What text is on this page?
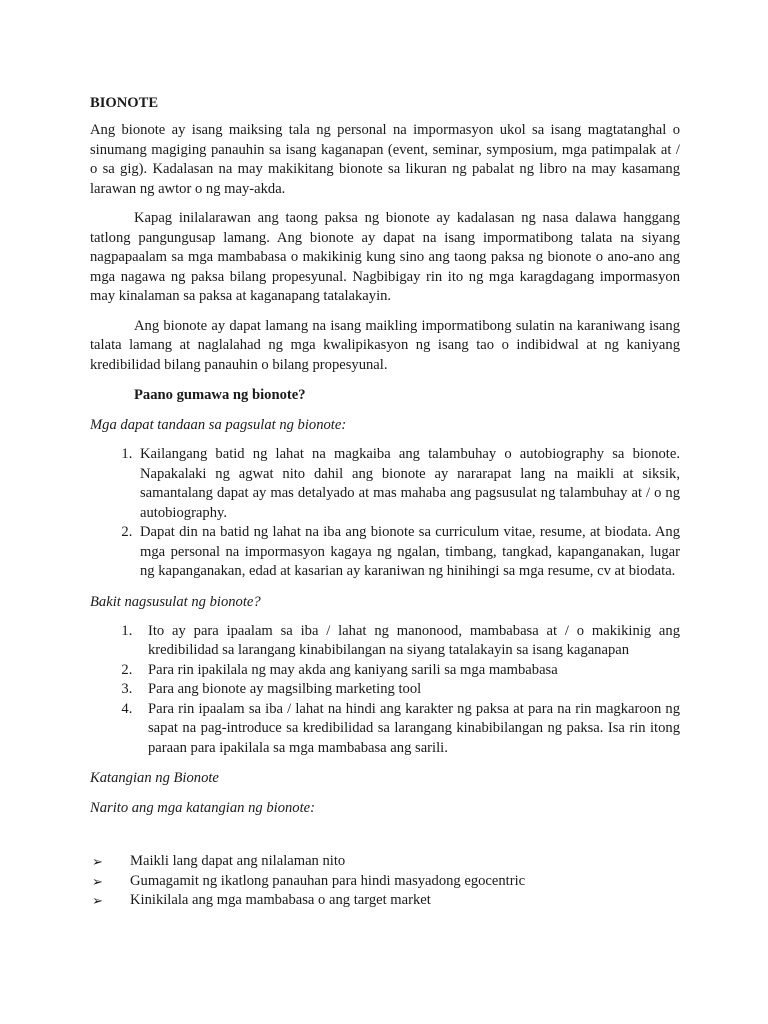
BIONOTE

Ang bionote ay isang maiksing tala ng personal na impormasyon ukol sa isang magtatanghal o sinumang magiging panauhin sa isang kaganapan (event, seminar, symposium, mga patimpalak at / o sa gig). Kadalasan na may makikitang bionote sa likuran ng pabalat ng libro na may kasamang larawan ng awtor o ng may-akda.

Kapag inilalarawan ang taong paksa ng bionote ay kadalasan ng nasa dalawa hanggang tatlong pangungusap lamang. Ang bionote ay dapat na isang impormatibong talata na siyang nagpapaalam sa mga mambabasa o makikinig kung sino ang taong paksa ng bionote o ano-ano ang mga nagawa ng paksa bilang propesyunal. Nagbibigay rin ito ng mga karagdagang impormasyon may kinalaman sa paksa at kaganapang tatalakayin.

Ang bionote ay dapat lamang na isang maikling impormatibong sulatin na karaniwang isang talata lamang at naglalahad ng mga kwalipikasyon ng isang tao o indibidwal at ng kaniyang kredibilidad bilang panauhin o bilang propesyunal.

Paano gumawa ng bionote?
Mga dapat tandaan sa pagsulat ng bionote:
1. Kailangang batid ng lahat na magkaiba ang talambuhay o autobiography sa bionote. Napakalaki ng agwat nito dahil ang bionote ay nararapat lang na maikli at siksik, samantalang dapat ay mas detalyado at mas mahaba ang pagsusulat ng talambuhay at / o ng autobiography.
2. Dapat din na batid ng lahat na iba ang bionote sa curriculum vitae, resume, at biodata. Ang mga personal na impormasyon kagaya ng ngalan, timbang, tangkad, kapanganakan, lugar ng kapanganakan, edad at kasarian ay karaniwan ng hinihingi sa mga resume, cv at biodata.
Bakit nagsusulat ng bionote?
1. Ito ay para ipaalam sa iba / lahat ng manonood, mambabasa at / o makikinig ang kredibilidad sa larangang kinabibilangan na siyang tatalakayin sa isang kaganapan
2. Para rin ipakilala ng may akda ang kaniyang sarili sa mga mambabasa
3. Para ang bionote ay magsilbing marketing tool
4. Para rin ipaalam sa iba / lahat na hindi ang karakter ng paksa at para na rin magkaroon ng sapat na pag-introduce sa kredibilidad sa larangang kinabibilangan ng paksa. Isa rin itong paraan para ipakilala sa mga mambabasa ang sarili.
Katangian ng Bionote
Narito ang mga katangian ng bionote:
➢ Maikli lang dapat ang nilalaman nito
➢ Gumagamit ng ikatlong panauhan para hindi masyadong egocentric
➢ Kinikilala ang mga mambabasa o ang target market
